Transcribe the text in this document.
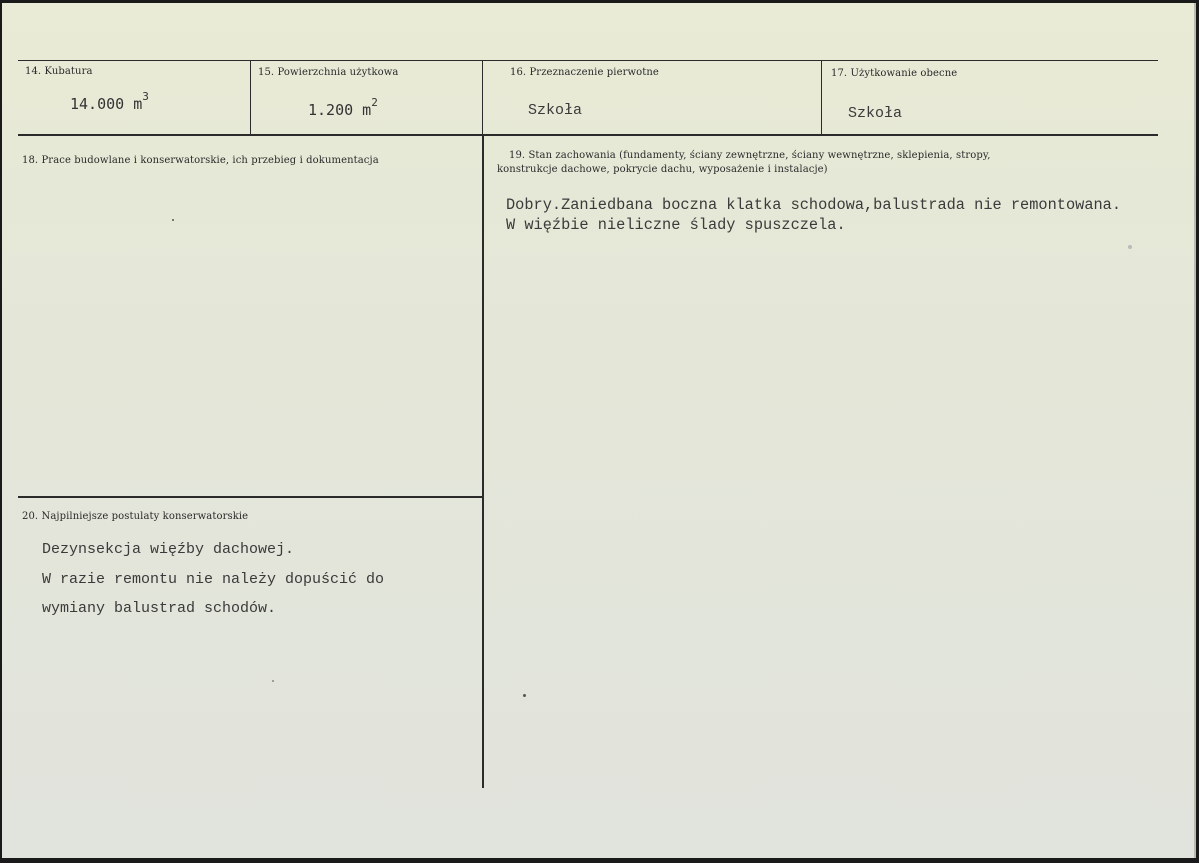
14. Kubatura
14.000 $m^3$
15. Powierzchnia użytkowa
1.200 $m^2$
16. Przeznaczenie pierwotne
Szkoła
17. Użytkowanie obecne
Szkoła
18. Prace budowlane i konserwatorskie, ich przebieg i dokumentacja	19. Stan zachowania (fundamenty, ściany zewnętrzne, ściany wewnętrzne, sklepienia, stropy,
konstrukcje dachowe, pokrycie dachu, wyposażenie i instalacje)
Dobry.Zaniedbana boczna klatka schodowa,balustrada nie remontowana.
W więźbie nieliczne ślady spuszczela.
20. Najpilniejsze postulaty konserwatorskie
Dezynsekcja więźby dachowej.
W razie remontu nie należy dopuścić do
wymiany balustrad schodów.
